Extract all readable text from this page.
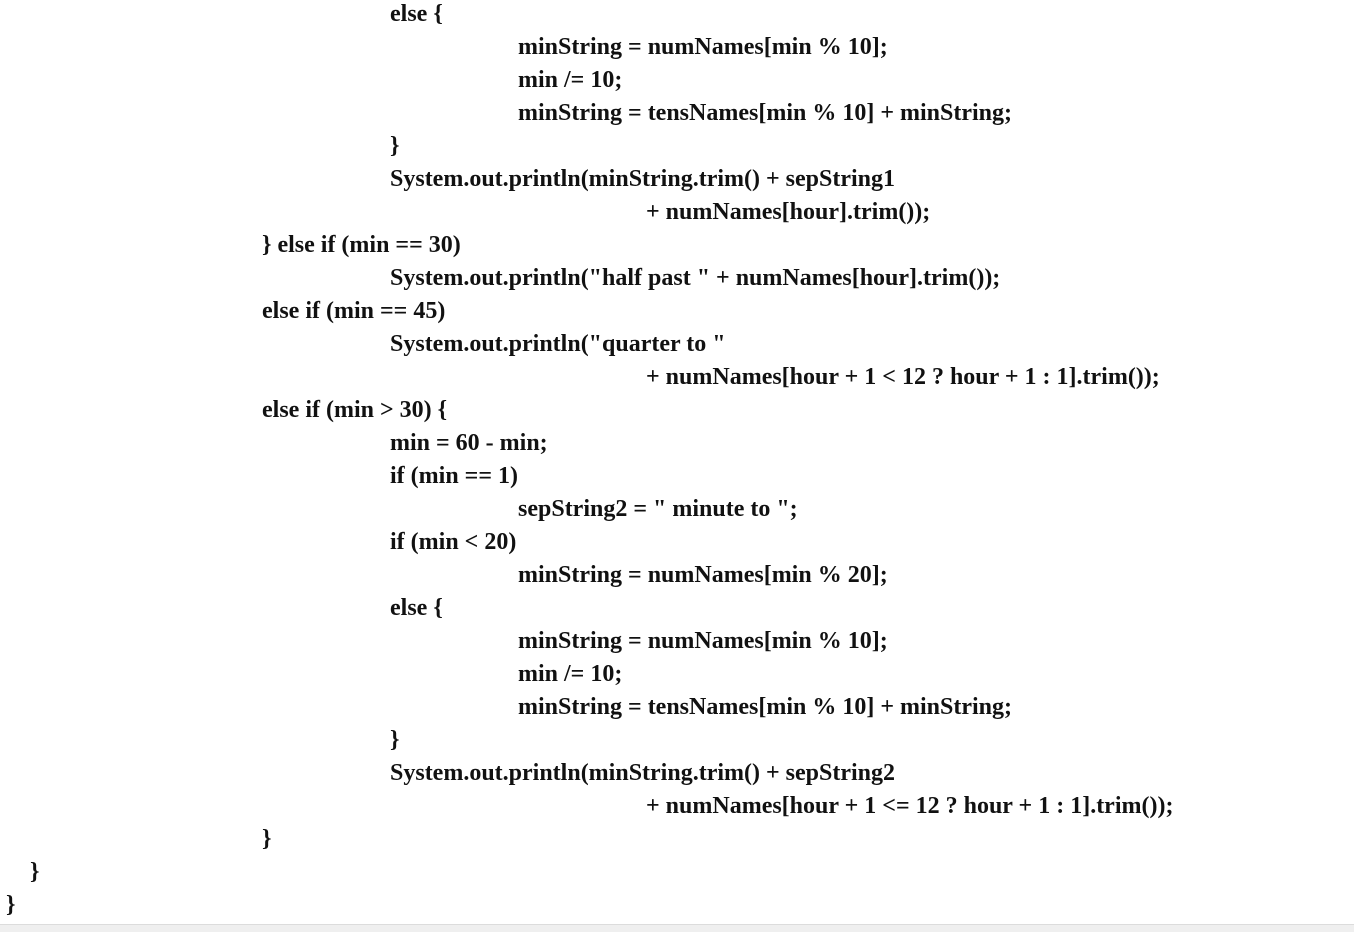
else {
minString = numNames[min % 10];
min /= 10;
minString = tensNames[min % 10] + minString;
}
System.out.println(minString.trim() + sepString1
+ numNames[hour].trim());
} else if (min == 30)
System.out.println("half past " + numNames[hour].trim());
else if (min == 45)
System.out.println("quarter to "
+ numNames[hour + 1 < 12 ? hour + 1 : 1].trim());
else if (min > 30) {
min = 60 - min;
if (min == 1)
sepString2 = " minute to ";
if (min < 20)
minString = numNames[min % 20];
else {
minString = numNames[min % 10];
min /= 10;
minString = tensNames[min % 10] + minString;
}
System.out.println(minString.trim() + sepString2
+ numNames[hour + 1 <= 12 ? hour + 1 : 1].trim());
}
}
}
